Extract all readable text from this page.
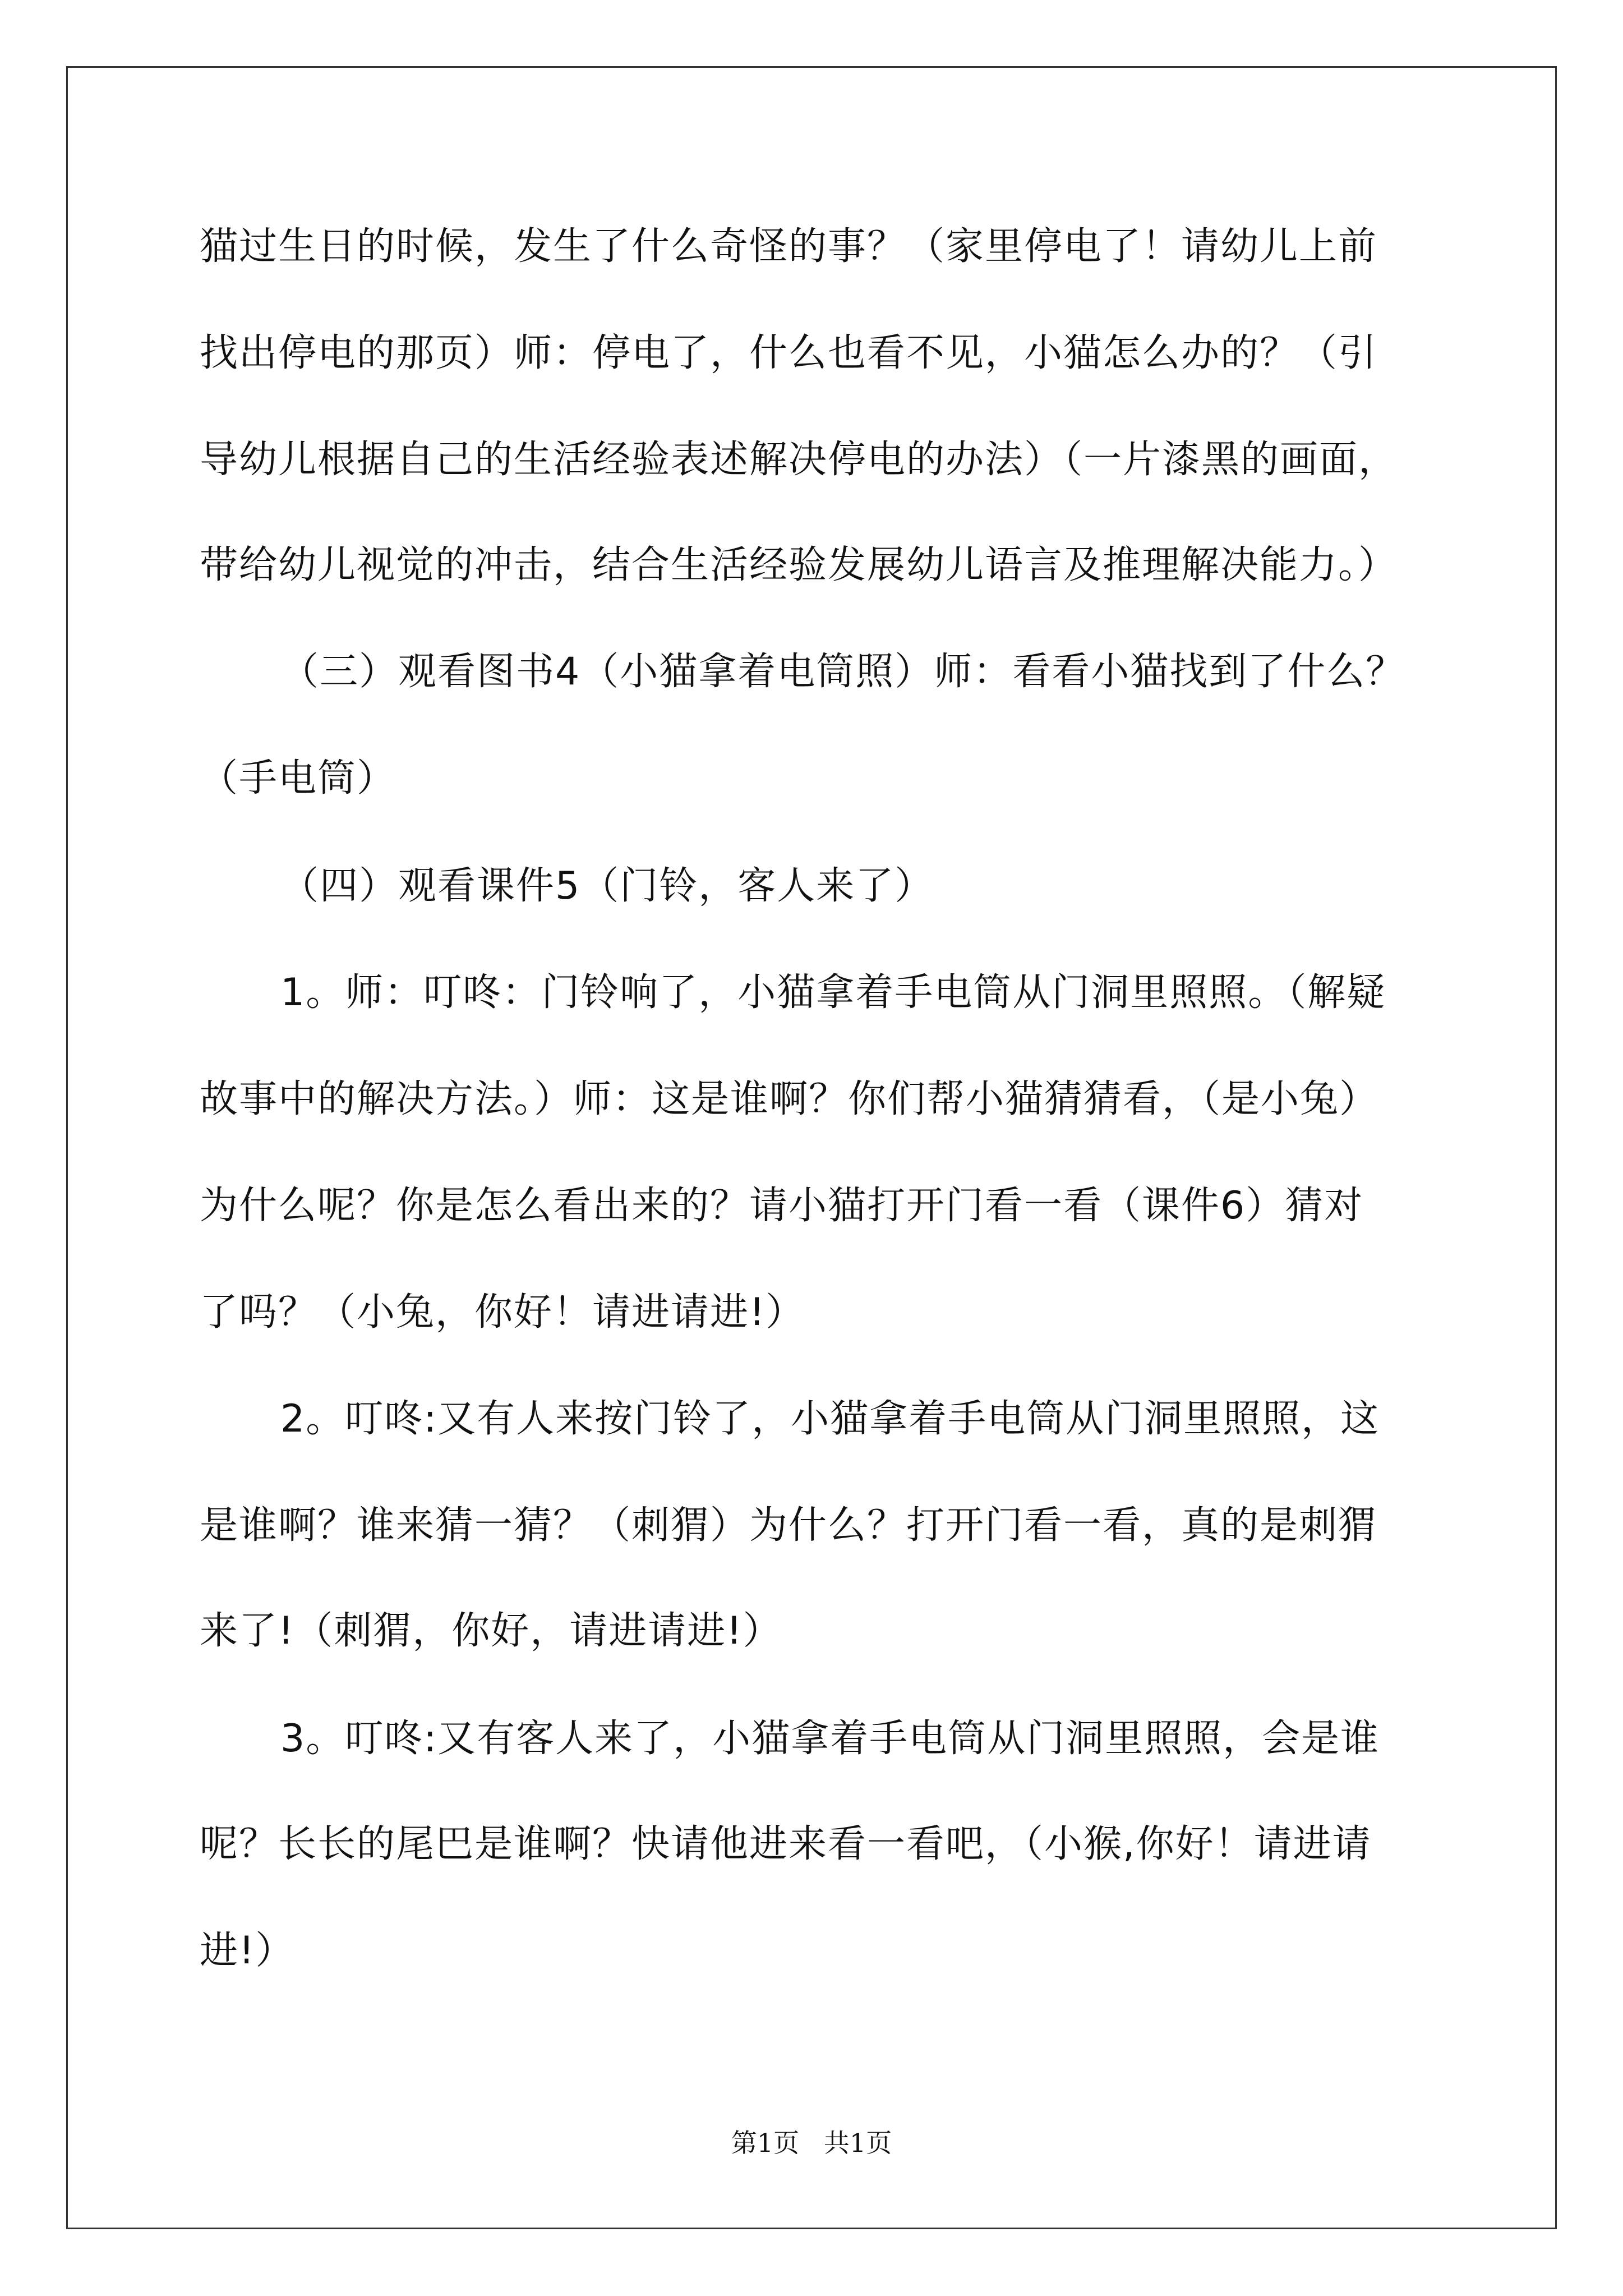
猫过生日的时候，发生了什么奇怪的事？（家里停电了！请幼儿上前
找出停电的那页）师：停电了，什么也看不见，小猫怎么办的？（引
导幼儿根据自己的生活经验表述解决停电的办法）（一片漆黑的画面，
带给幼儿视觉的冲击，结合生活经验发展幼儿语言及推理解决能力。）
（三）观看图书4（小猫拿着电筒照）师：看看小猫找到了什么？
（手电筒）
（四）观看课件5（门铃，客人来了）
1。师：叮咚：门铃响了，小猫拿着手电筒从门洞里照照。（解疑
故事中的解决方法。）师：这是谁啊？你们帮小猫猜猜看，（是小兔）
为什么呢？你是怎么看出来的？请小猫打开门看一看（课件6）猜对
了吗？（小兔，你好！请进请进!）
2。叮咚:又有人来按门铃了，小猫拿着手电筒从门洞里照照，这
是谁啊？谁来猜一猜？（刺猬）为什么？打开门看一看，真的是刺猬
来了!（刺猬，你好，请进请进!）
3。叮咚:又有客人来了，小猫拿着手电筒从门洞里照照，会是谁
呢？长长的尾巴是谁啊？快请他进来看一看吧，（小猴,你好！请进请
进!）
第1页   共1页
